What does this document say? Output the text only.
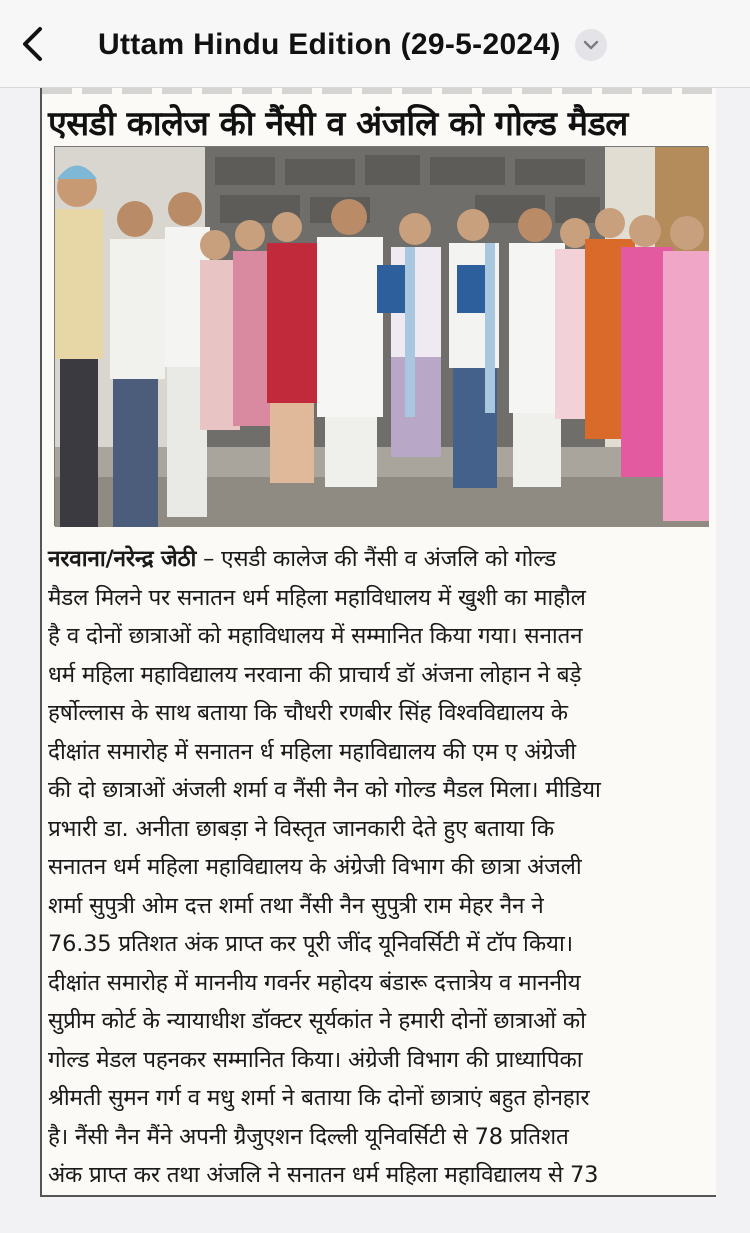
Uttam Hindu Edition (29-5-2024)
एसडी कालेज की नैंसी व अंजलि को गोल्ड मैडल
नरवाना/नरेन्द्र जेठी – एसडी कालेज की नैंसी व अंजलि को गोल्ड
मैडल मिलने पर सनातन धर्म महिला महाविधालय में खुशी का माहौल
है व दोनों छात्राओं को महाविधालय में सम्मानित किया गया। सनातन
धर्म महिला महाविद्यालय नरवाना की प्राचार्य डॉ अंजना लोहान ने बड़े
हर्षोल्लास के साथ बताया कि चौधरी रणबीर सिंह विश्वविद्यालय के
दीक्षांत समारोह में सनातन र्ध महिला महाविद्यालय की एम ए अंग्रेजी
की दो छात्राओं अंजली शर्मा व नैंसी नैन को गोल्ड मैडल मिला। मीडिया
प्रभारी डा. अनीता छाबड़ा ने विस्तृत जानकारी देते हुए बताया कि
सनातन धर्म महिला महाविद्यालय के अंग्रेजी विभाग की छात्रा अंजली
शर्मा सुपुत्री ओम दत्त शर्मा तथा नैंसी नैन सुपुत्री राम मेहर नैन ने
76.35 प्रतिशत अंक प्राप्त कर पूरी जींद यूनिवर्सिटी में टॉप किया।
दीक्षांत समारोह में माननीय गवर्नर महोदय बंडारू दत्तात्रेय व माननीय
सुप्रीम कोर्ट के न्यायाधीश डॉक्टर सूर्यकांत ने हमारी दोनों छात्राओं को
गोल्ड मेडल पहनकर सम्मानित किया। अंग्रेजी विभाग की प्राध्यापिका
श्रीमती सुमन गर्ग व मधु शर्मा ने बताया कि दोनों छात्राएं बहुत होनहार
है। नैंसी नैन मैंने अपनी ग्रैजुएशन दिल्ली यूनिवर्सिटी से 78 प्रतिशत
अंक प्राप्त कर तथा अंजलि ने सनातन धर्म महिला महाविद्यालय से 73
